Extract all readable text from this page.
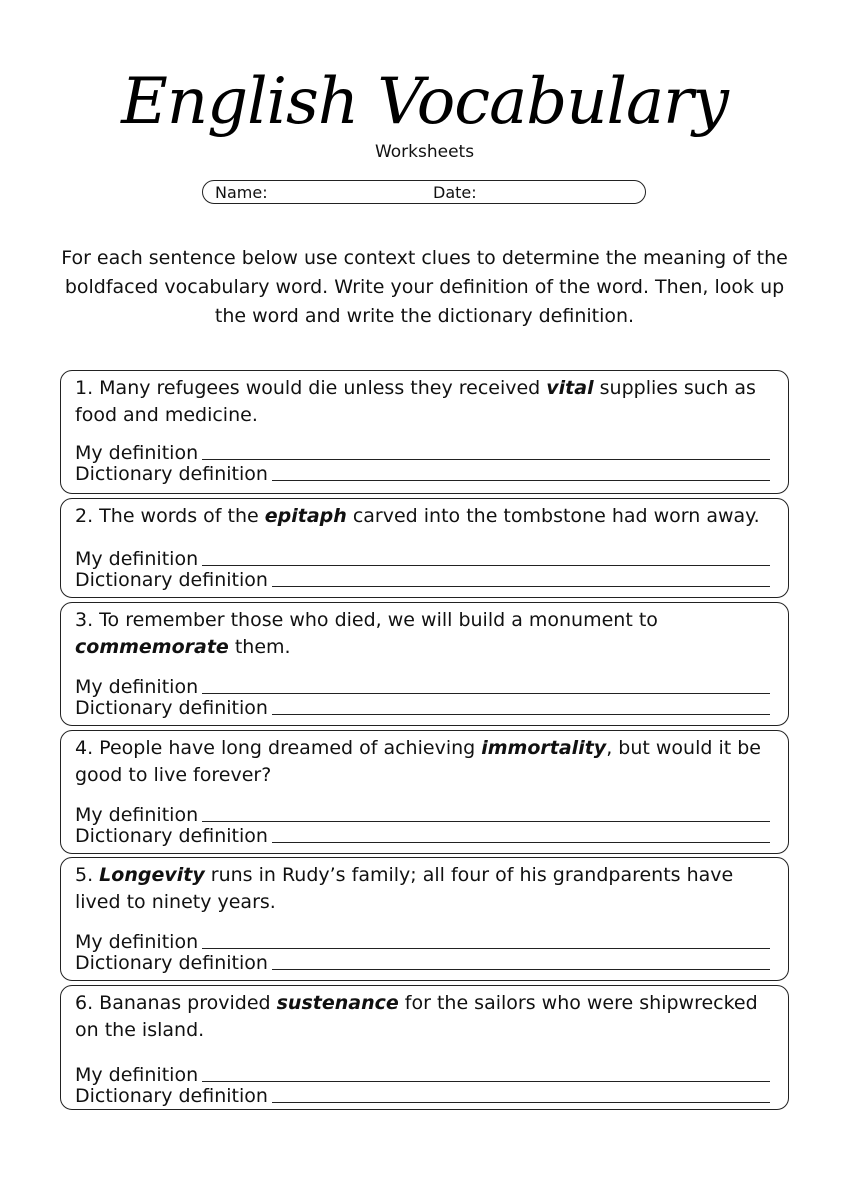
English Vocabulary
Worksheets
Name:	Date:
For each sentence below use context clues to determine the meaning of the boldfaced vocabulary word. Write your definition of the word. Then, look up the word and write the dictionary definition.
1. Many refugees would die unless they received vital supplies such as food and medicine.
My definition
Dictionary definition
2. The words of the epitaph carved into the tombstone had worn away.
My definition
Dictionary definition
3. To remember those who died, we will build a monument to commemorate them.
My definition
Dictionary definition
4. People have long dreamed of achieving immortality, but would it be good to live forever?
My definition
Dictionary definition
5. Longevity runs in Rudy’s family; all four of his grandparents have lived to ninety years.
My definition
Dictionary definition
6. Bananas provided sustenance for the sailors who were shipwrecked on the island.
My definition
Dictionary definition
